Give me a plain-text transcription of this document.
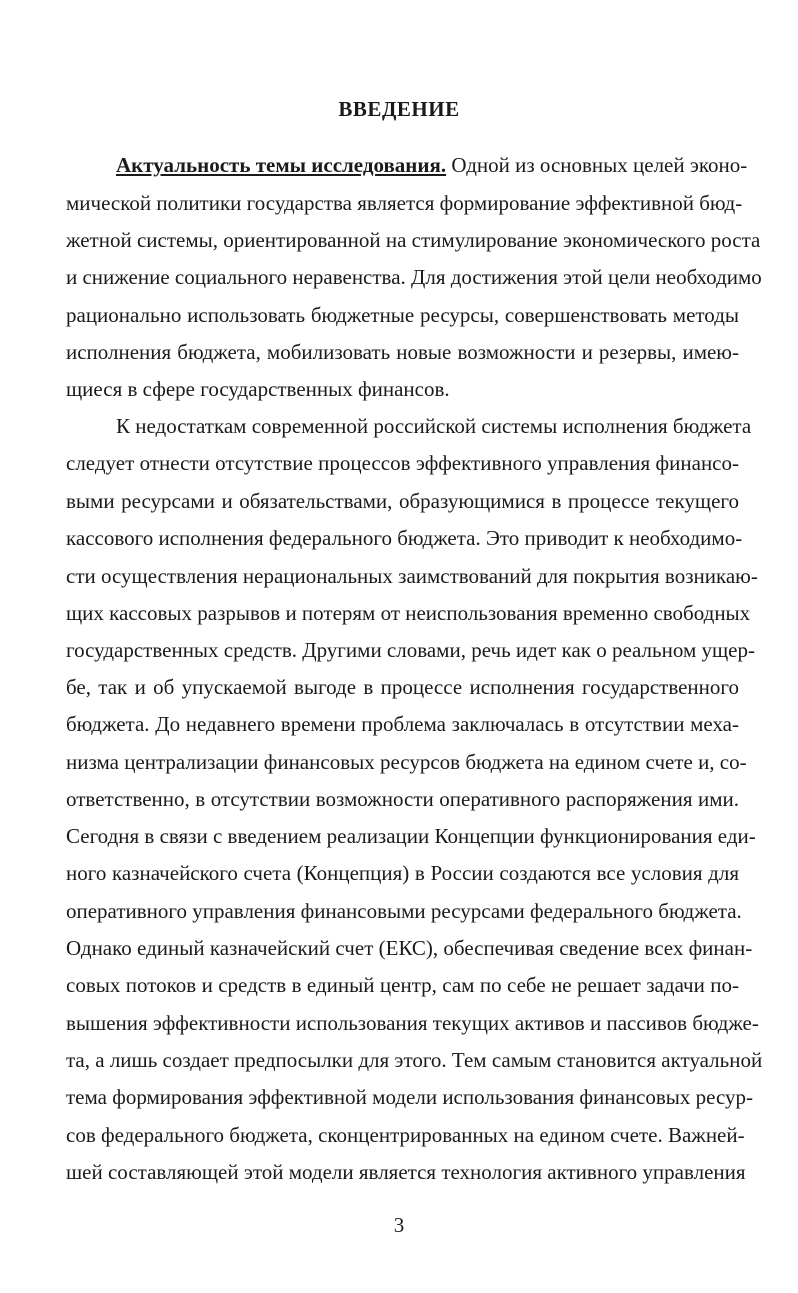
ВВЕДЕНИЕ
Актуальность темы исследования. Одной из основных целей эконо-
мической политики государства является формирование эффективной бюд-
жетной системы, ориентированной на стимулирование экономического роста
и снижение социального неравенства. Для достижения этой цели необходимо
рационально использовать бюджетные ресурсы, совершенствовать методы
исполнения бюджета, мобилизовать новые возможности и резервы, имею-
щиеся в сфере государственных финансов.
К недостаткам современной российской системы исполнения бюджета
следует отнести отсутствие процессов эффективного управления финансо-
выми ресурсами и обязательствами, образующимися в процессе текущего
кассового исполнения федерального бюджета. Это приводит к необходимо-
сти осуществления нерациональных заимствований для покрытия возникаю-
щих кассовых разрывов и потерям от неиспользования временно свободных
государственных средств. Другими словами, речь идет как о реальном ущер-
бе, так и об упускаемой выгоде в процессе исполнения государственного
бюджета. До недавнего времени проблема заключалась в отсутствии меха-
низма централизации финансовых ресурсов бюджета на едином счете и, со-
ответственно, в отсутствии возможности оперативного распоряжения ими.
Сегодня в связи с введением реализации Концепции функционирования еди-
ного казначейского счета (Концепция) в России создаются все условия для
оперативного управления финансовыми ресурсами федерального бюджета.
Однако единый казначейский счет (ЕКС), обеспечивая сведение всех финан-
совых потоков и средств в единый центр, сам по себе не решает задачи по-
вышения эффективности использования текущих активов и пассивов бюдже-
та, а лишь создает предпосылки для этого. Тем самым становится актуальной
тема формирования эффективной модели использования финансовых ресур-
сов федерального бюджета, сконцентрированных на едином счете. Важней-
шей составляющей этой модели является технология активного управления
3
